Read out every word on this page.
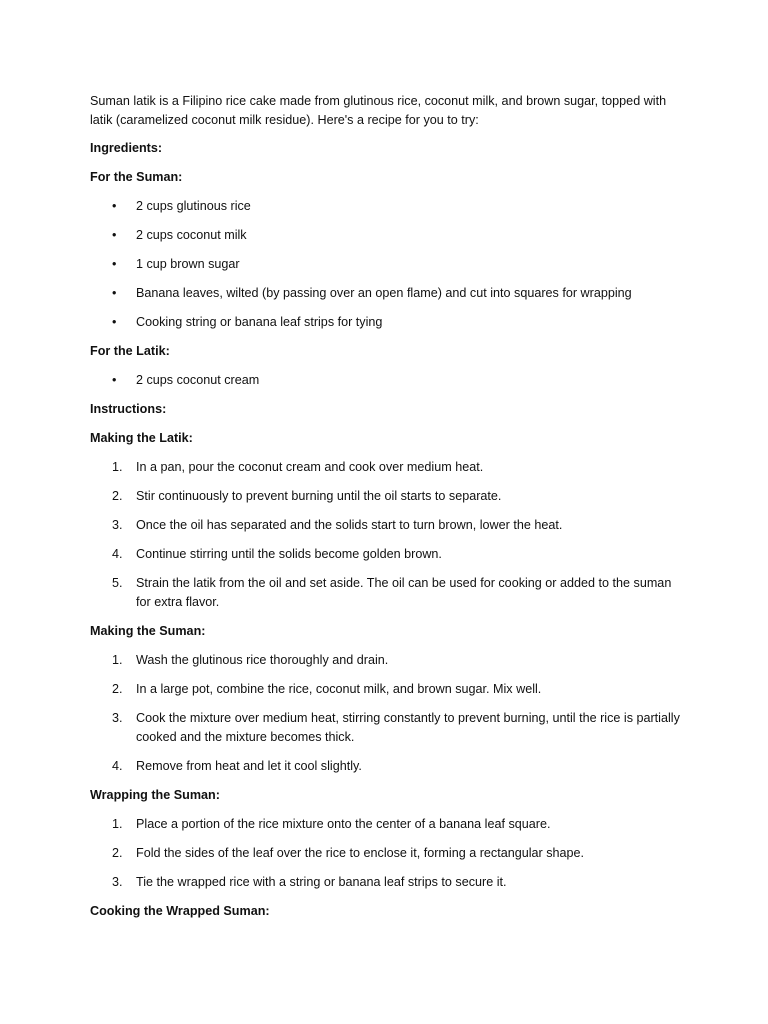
Suman latik is a Filipino rice cake made from glutinous rice, coconut milk, and brown sugar, topped with latik (caramelized coconut milk residue). Here's a recipe for you to try:

Ingredients:

For the Suman:

• 2 cups glutinous rice
• 2 cups coconut milk
• 1 cup brown sugar
• Banana leaves, wilted (by passing over an open flame) and cut into squares for wrapping
• Cooking string or banana leaf strips for tying

For the Latik:

• 2 cups coconut cream

Instructions:

Making the Latik:

1. In a pan, pour the coconut cream and cook over medium heat.
2. Stir continuously to prevent burning until the oil starts to separate.
3. Once the oil has separated and the solids start to turn brown, lower the heat.
4. Continue stirring until the solids become golden brown.
5. Strain the latik from the oil and set aside. The oil can be used for cooking or added to the suman for extra flavor.

Making the Suman:

1. Wash the glutinous rice thoroughly and drain.
2. In a large pot, combine the rice, coconut milk, and brown sugar. Mix well.
3. Cook the mixture over medium heat, stirring constantly to prevent burning, until the rice is partially cooked and the mixture becomes thick.
4. Remove from heat and let it cool slightly.

Wrapping the Suman:

1. Place a portion of the rice mixture onto the center of a banana leaf square.
2. Fold the sides of the leaf over the rice to enclose it, forming a rectangular shape.
3. Tie the wrapped rice with a string or banana leaf strips to secure it.

Cooking the Wrapped Suman:
